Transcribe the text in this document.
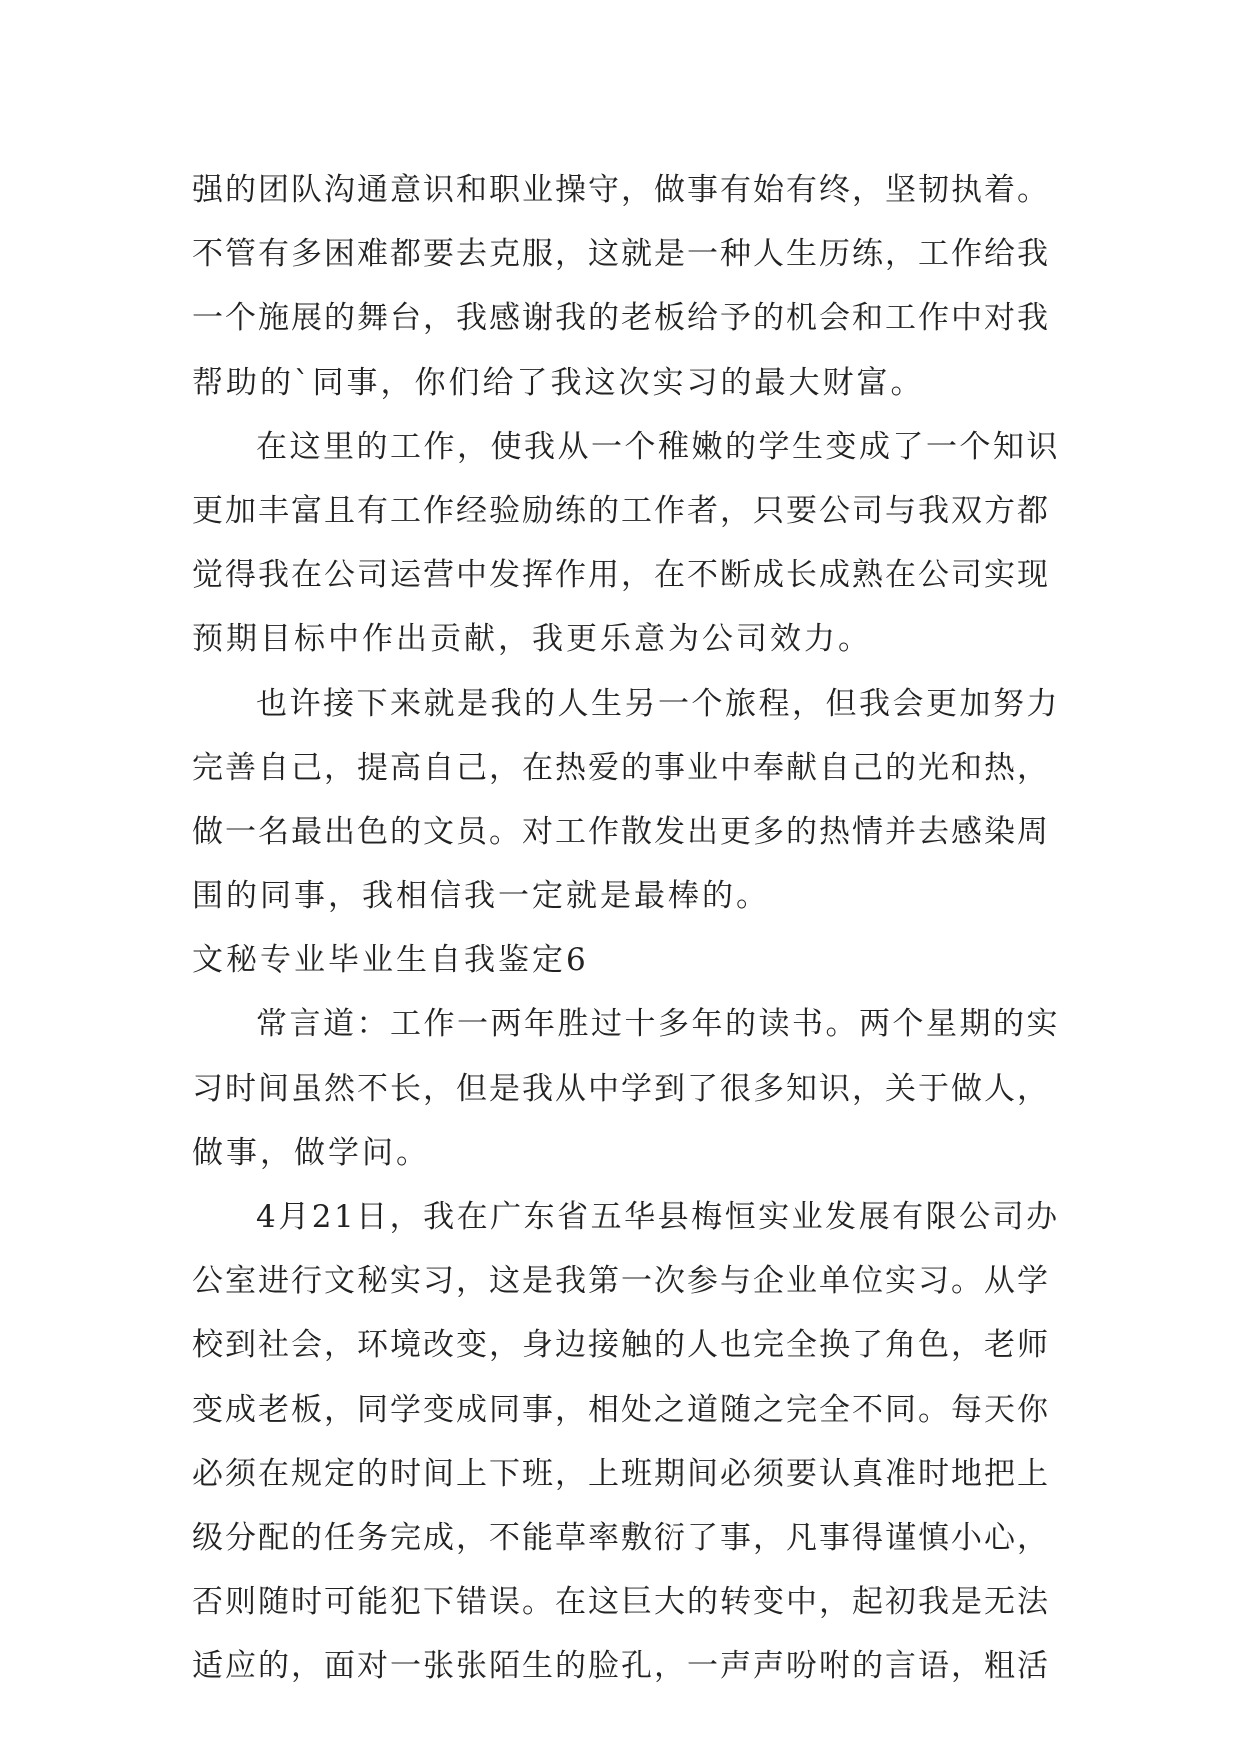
强的团队沟通意识和职业操守，做事有始有终，坚韧执着。
不管有多困难都要去克服，这就是一种人生历练，工作给我
一个施展的舞台，我感谢我的老板给予的机会和工作中对我
帮助的`同事，你们给了我这次实习的最大财富。
在这里的工作，使我从一个稚嫩的学生变成了一个知识
更加丰富且有工作经验励练的工作者，只要公司与我双方都
觉得我在公司运营中发挥作用，在不断成长成熟在公司实现
预期目标中作出贡献，我更乐意为公司效力。
也许接下来就是我的人生另一个旅程，但我会更加努力
完善自己，提高自己，在热爱的事业中奉献自己的光和热，
做一名最出色的文员。对工作散发出更多的热情并去感染周
围的同事，我相信我一定就是最棒的。
文秘专业毕业生自我鉴定6
常言道：工作一两年胜过十多年的读书。两个星期的实
习时间虽然不长，但是我从中学到了很多知识，关于做人，
做事，做学问。
4月21日，我在广东省五华县梅恒实业发展有限公司办
公室进行文秘实习，这是我第一次参与企业单位实习。从学
校到社会，环境改变，身边接触的人也完全换了角色，老师
变成老板，同学变成同事，相处之道随之完全不同。每天你
必须在规定的时间上下班，上班期间必须要认真准时地把上
级分配的任务完成，不能草率敷衍了事，凡事得谨慎小心，
否则随时可能犯下错误。在这巨大的转变中，起初我是无法
适应的，面对一张张陌生的脸孔，一声声吩咐的言语，粗活
